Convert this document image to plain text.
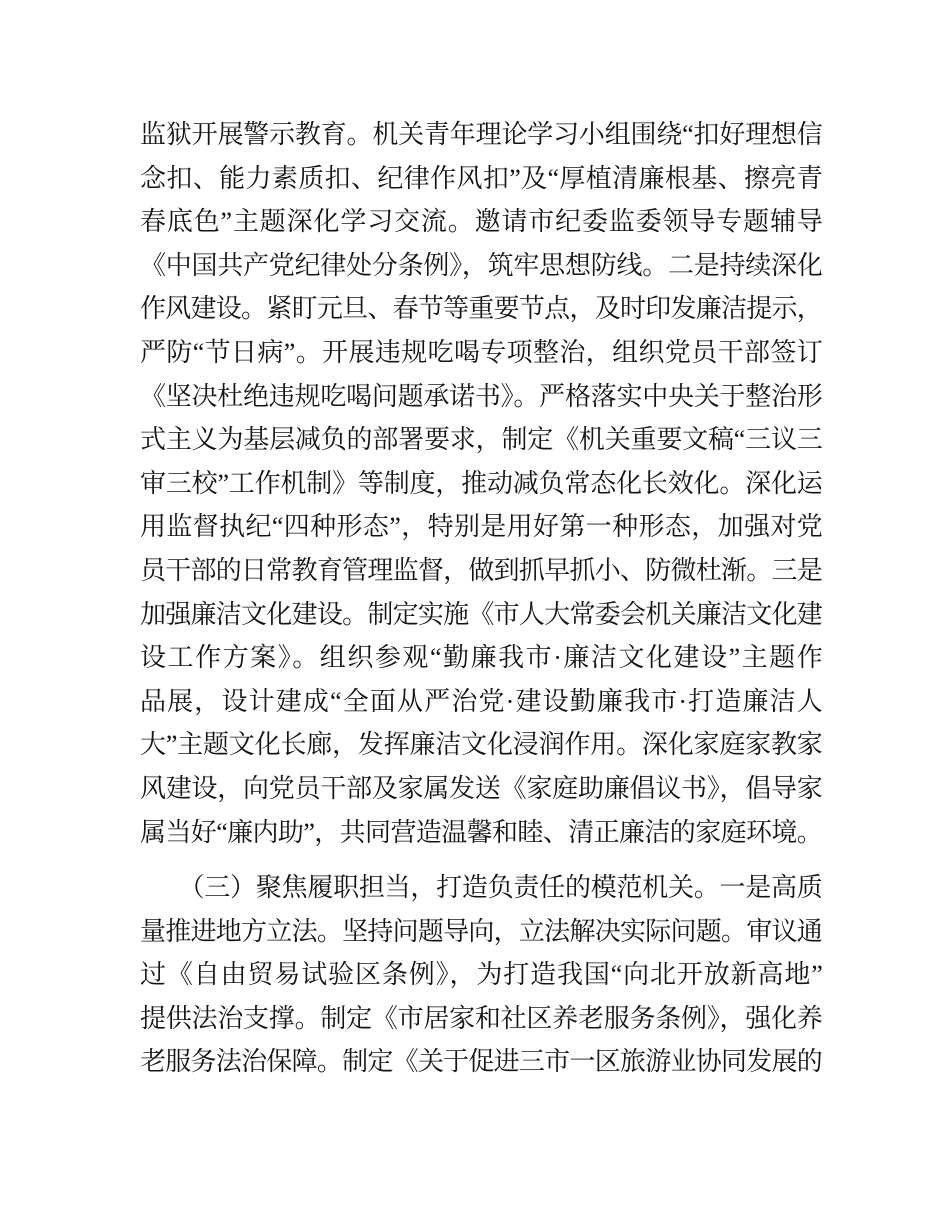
监狱开展警示教育。机关青年理论学习小组围绕“扣好理想信
念扣、能力素质扣、纪律作风扣”及“厚植清廉根基、擦亮青
春底色”主题深化学习交流。邀请市纪委监委领导专题辅导
《中国共产党纪律处分条例》，筑牢思想防线。二是持续深化
作风建设。紧盯元旦、春节等重要节点，及时印发廉洁提示，
严防“节日病”。开展违规吃喝专项整治，组织党员干部签订
《坚决杜绝违规吃喝问题承诺书》。严格落实中央关于整治形
式主义为基层减负的部署要求，制定《机关重要文稿“三议三
审三校”工作机制》等制度，推动减负常态化长效化。深化运
用监督执纪“四种形态”，特别是用好第一种形态，加强对党
员干部的日常教育管理监督，做到抓早抓小、防微杜渐。三是
加强廉洁文化建设。制定实施《市人大常委会机关廉洁文化建
设工作方案》。组织参观“勤廉我市·廉洁文化建设”主题作
品展，设计建成“全面从严治党·建设勤廉我市·打造廉洁人
大”主题文化长廊，发挥廉洁文化浸润作用。深化家庭家教家
风建设，向党员干部及家属发送《家庭助廉倡议书》，倡导家
属当好“廉内助”，共同营造温馨和睦、清正廉洁的家庭环境。
　　（三）聚焦履职担当，打造负责任的模范机关。一是高质
量推进地方立法。坚持问题导向，立法解决实际问题。审议通
过《自由贸易试验区条例》，为打造我国“向北开放新高地”
提供法治支撑。制定《市居家和社区养老服务条例》，强化养
老服务法治保障。制定《关于促进三市一区旅游业协同发展的
